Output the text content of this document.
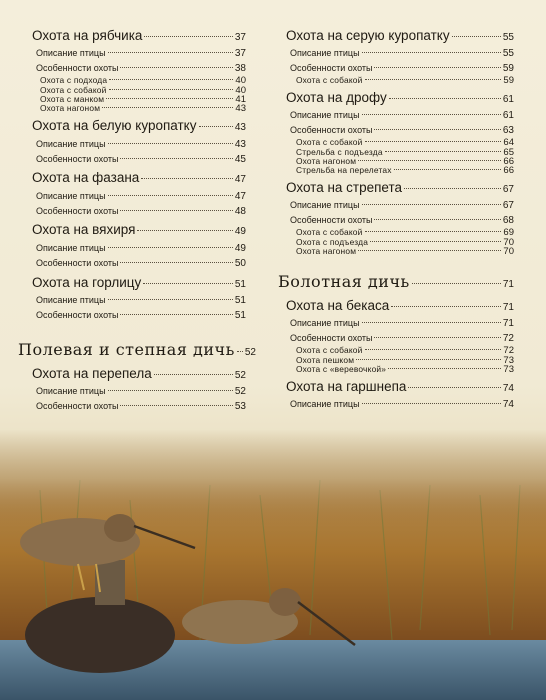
Охота на рябчика	37
Описание птицы	37
Особенности охоты	38
Охота с подхода	40
Охота с собакой	40
Охота с манком	41
Охота нагоном	43
Охота на белую куропатку	43
Описание птицы	43
Особенности охоты	45
Охота на фазана	47
Описание птицы	47
Особенности охоты	48
Охота на вяхиря	49
Описание птицы	49
Особенности охоты	50
Охота на горлицу	51
Описание птицы	51
Особенности охоты	51
Полевая и степная дичь 52
Охота на перепела	52
Описание птицы	52
Особенности охоты	53
Охота на серую куропатку	55
Описание птицы	55
Особенности охоты	59
Охота с собакой	59
Охота на дрофу	61
Описание птицы	61
Особенности охоты	63
Охота с собакой	64
Стрельба с подъезда	65
Охота нагоном	66
Стрельба на перелетах	66
Охота на стрепета	67
Описание птицы	67
Особенности охоты	68
Охота с собакой	69
Охота с подъезда	70
Охота нагоном	70
Болотная дичь	71
Охота на бекаса	71
Описание птицы	71
Особенности охоты	72
Охота с собакой	72
Охота пешком	73
Охота с «веревочкой»	73
Охота на гаршнепа	74
Описание птицы	74
